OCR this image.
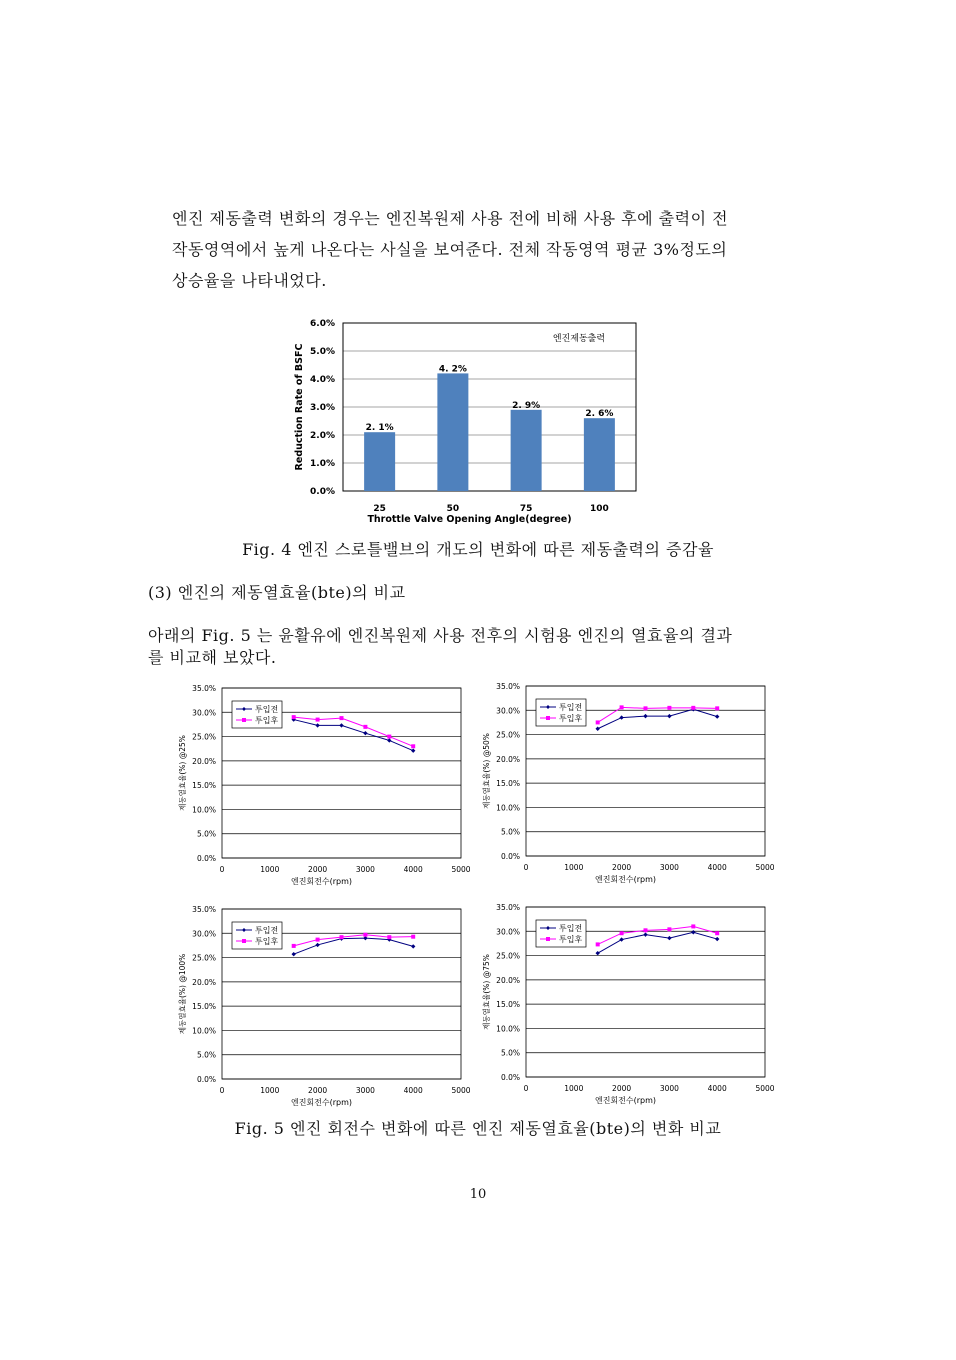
엔진 제동출력 변화의 경우는 엔진복원제 사용 전에 비해 사용 후에 출력이 전

작동영역에서 높게 나온다는 사실을 보여준다. 전체 작동영역 평균 3%정도의

상승율을 나타내었다.

0.0%
1.0%
2.0%
3.0%
4.0%
5.0%
6.0%
2. 1%
25
4. 2%
50
2. 9%
75
2. 6%
100
엔진제동출력
Throttle Valve Opening Angle(degree)
Reduction Rate of BSFC
Fig. 4 엔진 스로틀밸브의 개도의 변화에 따른 제동출력의 증감율
(3) 엔진의 제동열효율(bte)의 비교

아래의 Fig. 5 는 윤활유에 엔진복원제 사용 전후의 시험용 엔진의 열효율의 결과

를 비교해 보았다.

0.0%
5.0%
10.0%
15.0%
20.0%
25.0%
30.0%
35.0%
0	1000	2000	3000	4000	5000
엔진회전수(rpm)
제동열효율(%) @25%
투입전
투입후
0.0%
5.0%
10.0%
15.0%
20.0%
25.0%
30.0%
35.0%
0	1000	2000	3000	4000	5000
엔진회전수(rpm)
제동열효율(%) @50%
투입전
투입후
0.0%
5.0%
10.0%
15.0%
20.0%
25.0%
30.0%
35.0%
0	1000	2000	3000	4000	5000
엔진회전수(rpm)
제동열효율(%) @100%
투입전
투입후
0.0%
5.0%
10.0%
15.0%
20.0%
25.0%
30.0%
35.0%
0	1000	2000	3000	4000	5000
엔진회전수(rpm)
제동열효율(%) @75%
투입전
투입후
Fig. 5 엔진 회전수 변화에 따른 엔진 제동열효율(bte)의 변화 비교
10
